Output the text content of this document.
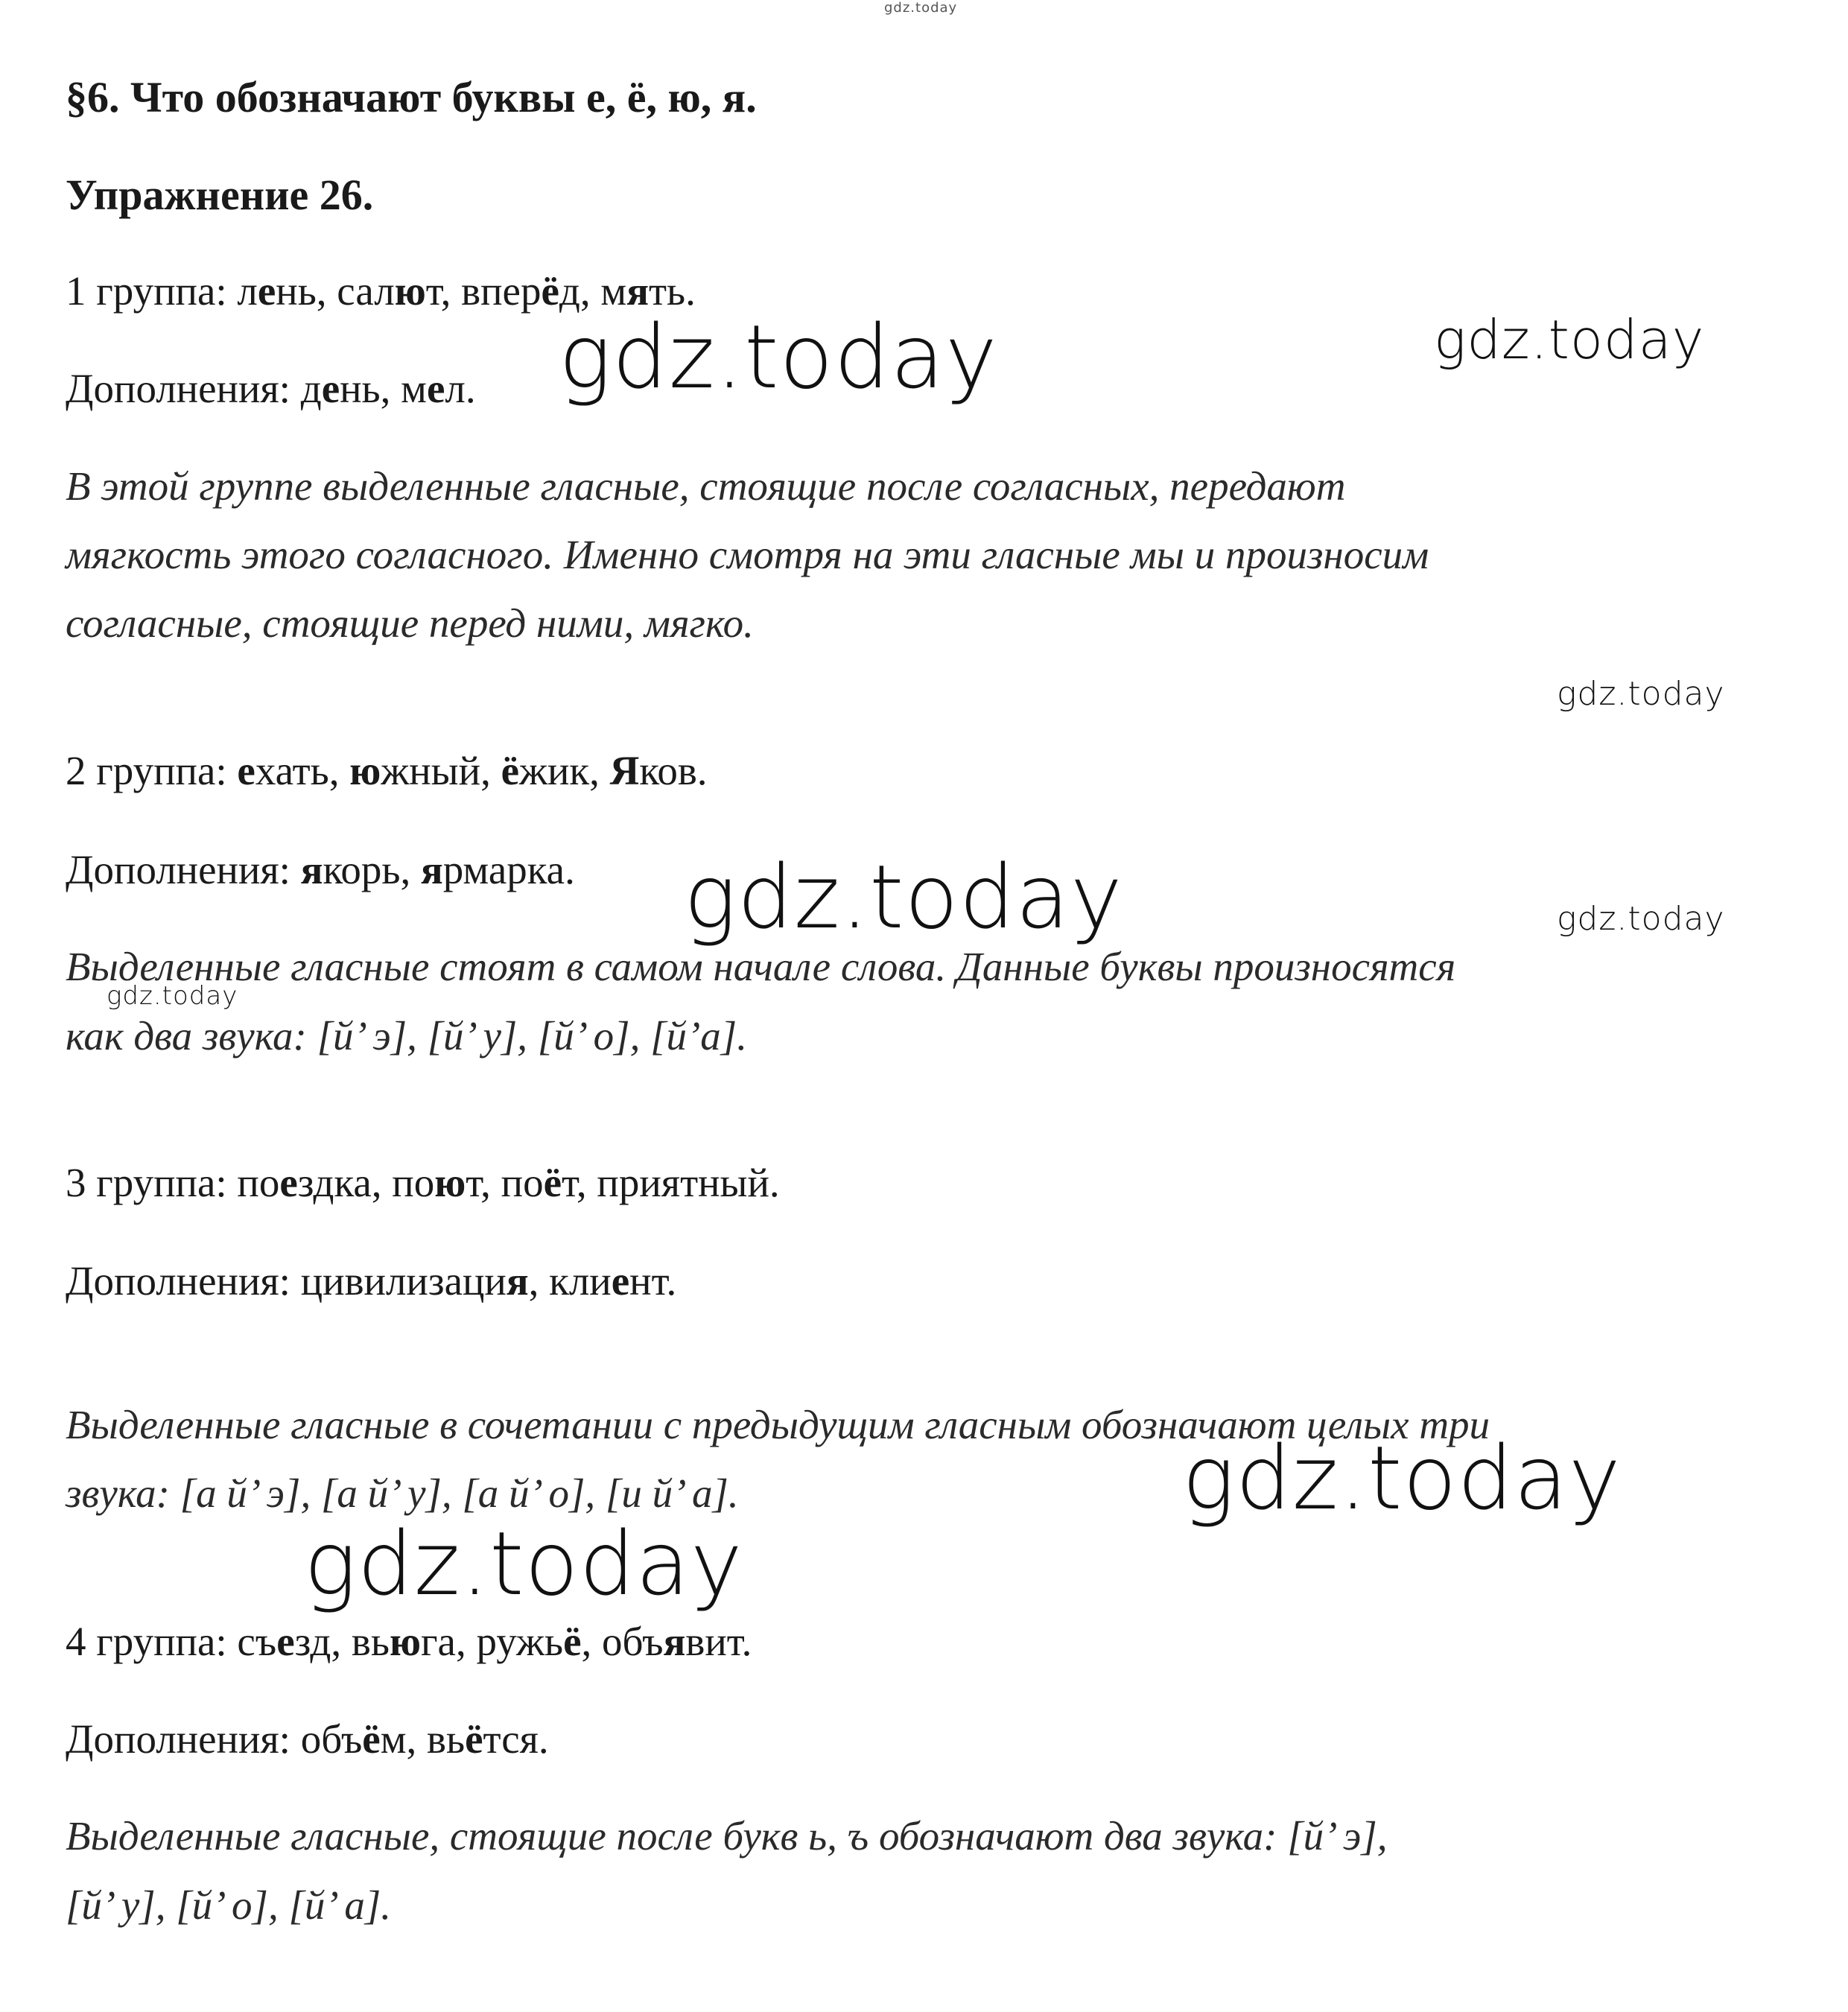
§6. Что обозначают буквы е, ё, ю, я.
Упражнение 26.
1 группа: лень, салют, вперёд, мять.
Дополнения: день, мел.
В этой группе выделенные гласные, стоящие после согласных, передают
мягкость этого согласного. Именно смотря на эти гласные мы и произносим
согласные, стоящие перед ними, мягко.
2 группа: ехать, южный, ёжик, Яков.
Дополнения: якорь, ярмарка.
Выделенные гласные стоят в самом начале слова. Данные буквы произносятся
как два звука: [й’ э], [й’ у], [й’ о], [й’а].
3 группа: поездка, поют, поёт, приятный.
Дополнения: цивилизация, клиент.
Выделенные гласные в сочетании с предыдущим гласным обозначают целых три
звука: [а й’ э], [а й’ у], [а й’ о], [и й’ а].
4 группа: съезд, вьюга, ружьё, объявит.
Дополнения: объём, вьётся.
Выделенные гласные, стоящие после букв ь, ъ обозначают два звука: [й’ э],
[й’ у], [й’ о], [й’ а].
gdz.today
gdz.today	gdz.today
gdz.today
gdz.today	gdz.today
gdz.today
gdz.today
gdz.today
